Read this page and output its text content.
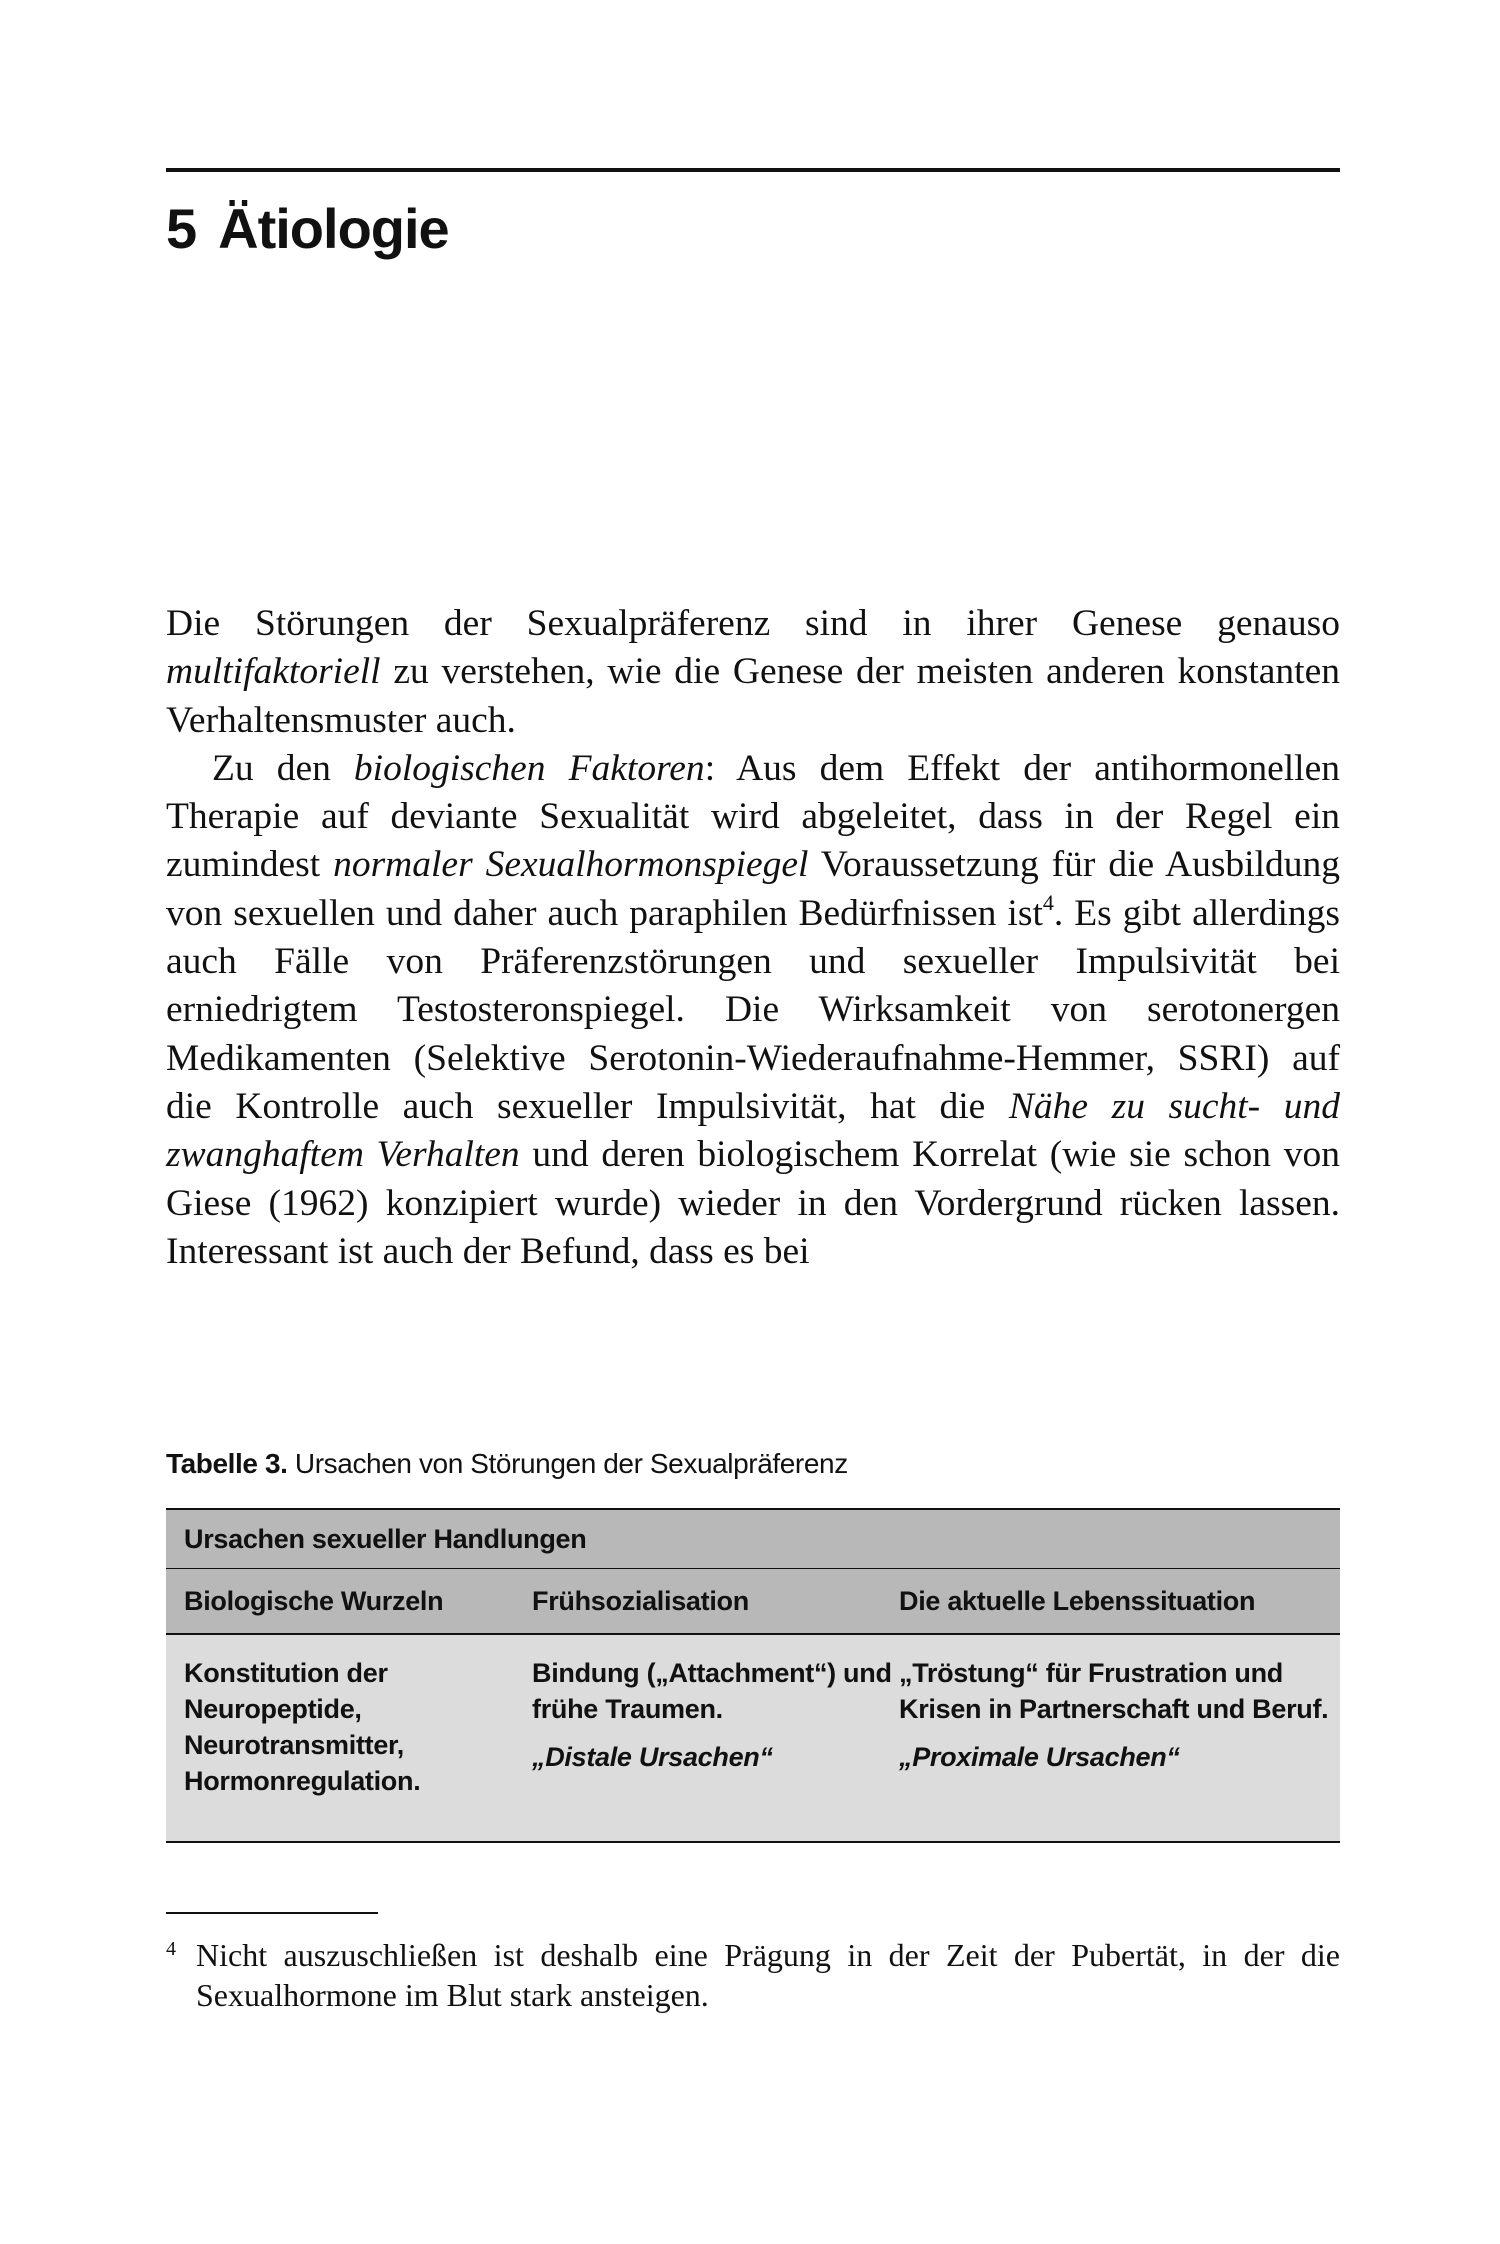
5 Ätiologie

Die Störungen der Sexualpräferenz sind in ihrer Genese genauso multifaktoriell zu verstehen, wie die Genese der meisten anderen konstanten Verhaltensmuster auch.

Zu den biologischen Faktoren: Aus dem Effekt der antihormonellen Therapie auf deviante Sexualität wird abgeleitet, dass in der Regel ein zumindest normaler Sexualhormonspiegel Voraussetzung für die Ausbildung von sexuellen und daher auch paraphilen Bedürfnissen ist$^4$. Es gibt allerdings auch Fälle von Präferenzstörungen und sexueller Impulsivität bei erniedrigtem Testosteronspiegel. Die Wirksamkeit von serotonergen Medikamenten (Selektive Serotonin-Wiederaufnahme-Hemmer, SSRI) auf die Kontrolle auch sexueller Impulsivität, hat die Nähe zu sucht- und zwanghaftem Verhalten und deren biologischem Korrelat (wie sie schon von Giese (1962) konzipiert wurde) wieder in den Vordergrund rücken lassen. Interessant ist auch der Befund, dass es bei

Tabelle 3. Ursachen von Störungen der Sexualpräferenz
Ursachen sexueller Handlungen
Biologische Wurzeln	Frühsozialisation	Die aktuelle Lebenssituation
Konstitution der Neuropeptide, Neurotransmitter, Hormonregulation.
Bindung („Attachment“) und frühe Traumen.
„Distale Ursachen“
„Tröstung“ für Frustration und Krisen in Partnerschaft und Beruf.
„Proximale Ursachen“
4 Nicht auszuschließen ist deshalb eine Prägung in der Zeit der Pubertät, in der die Sexualhormone im Blut stark ansteigen.
